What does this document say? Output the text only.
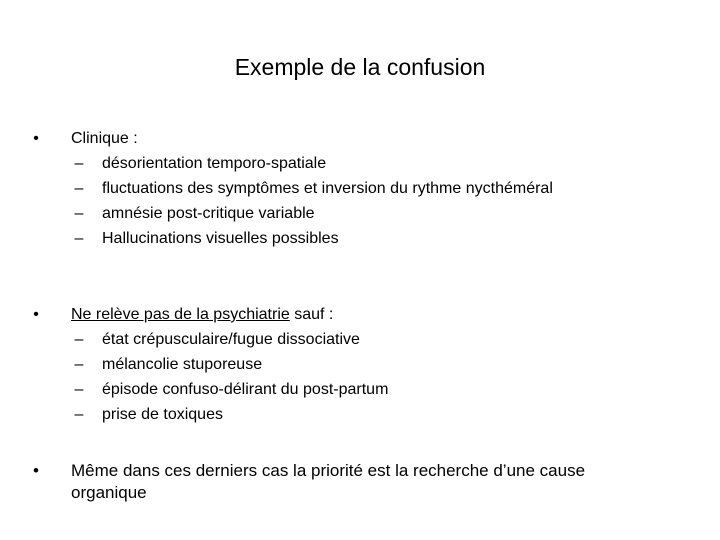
Exemple de la confusion
• Clinique :
– désorientation temporo-spatiale
– fluctuations des symptômes et inversion du rythme nycthéméral
– amnésie post-critique variable
– Hallucinations visuelles possibles
• Ne relève pas de la psychiatrie sauf :
– état crépusculaire/fugue dissociative
– mélancolie stuporeuse
– épisode confuso-délirant du post-partum
– prise de toxiques
• Même dans ces derniers cas la priorité est la recherche d’une cause organique
